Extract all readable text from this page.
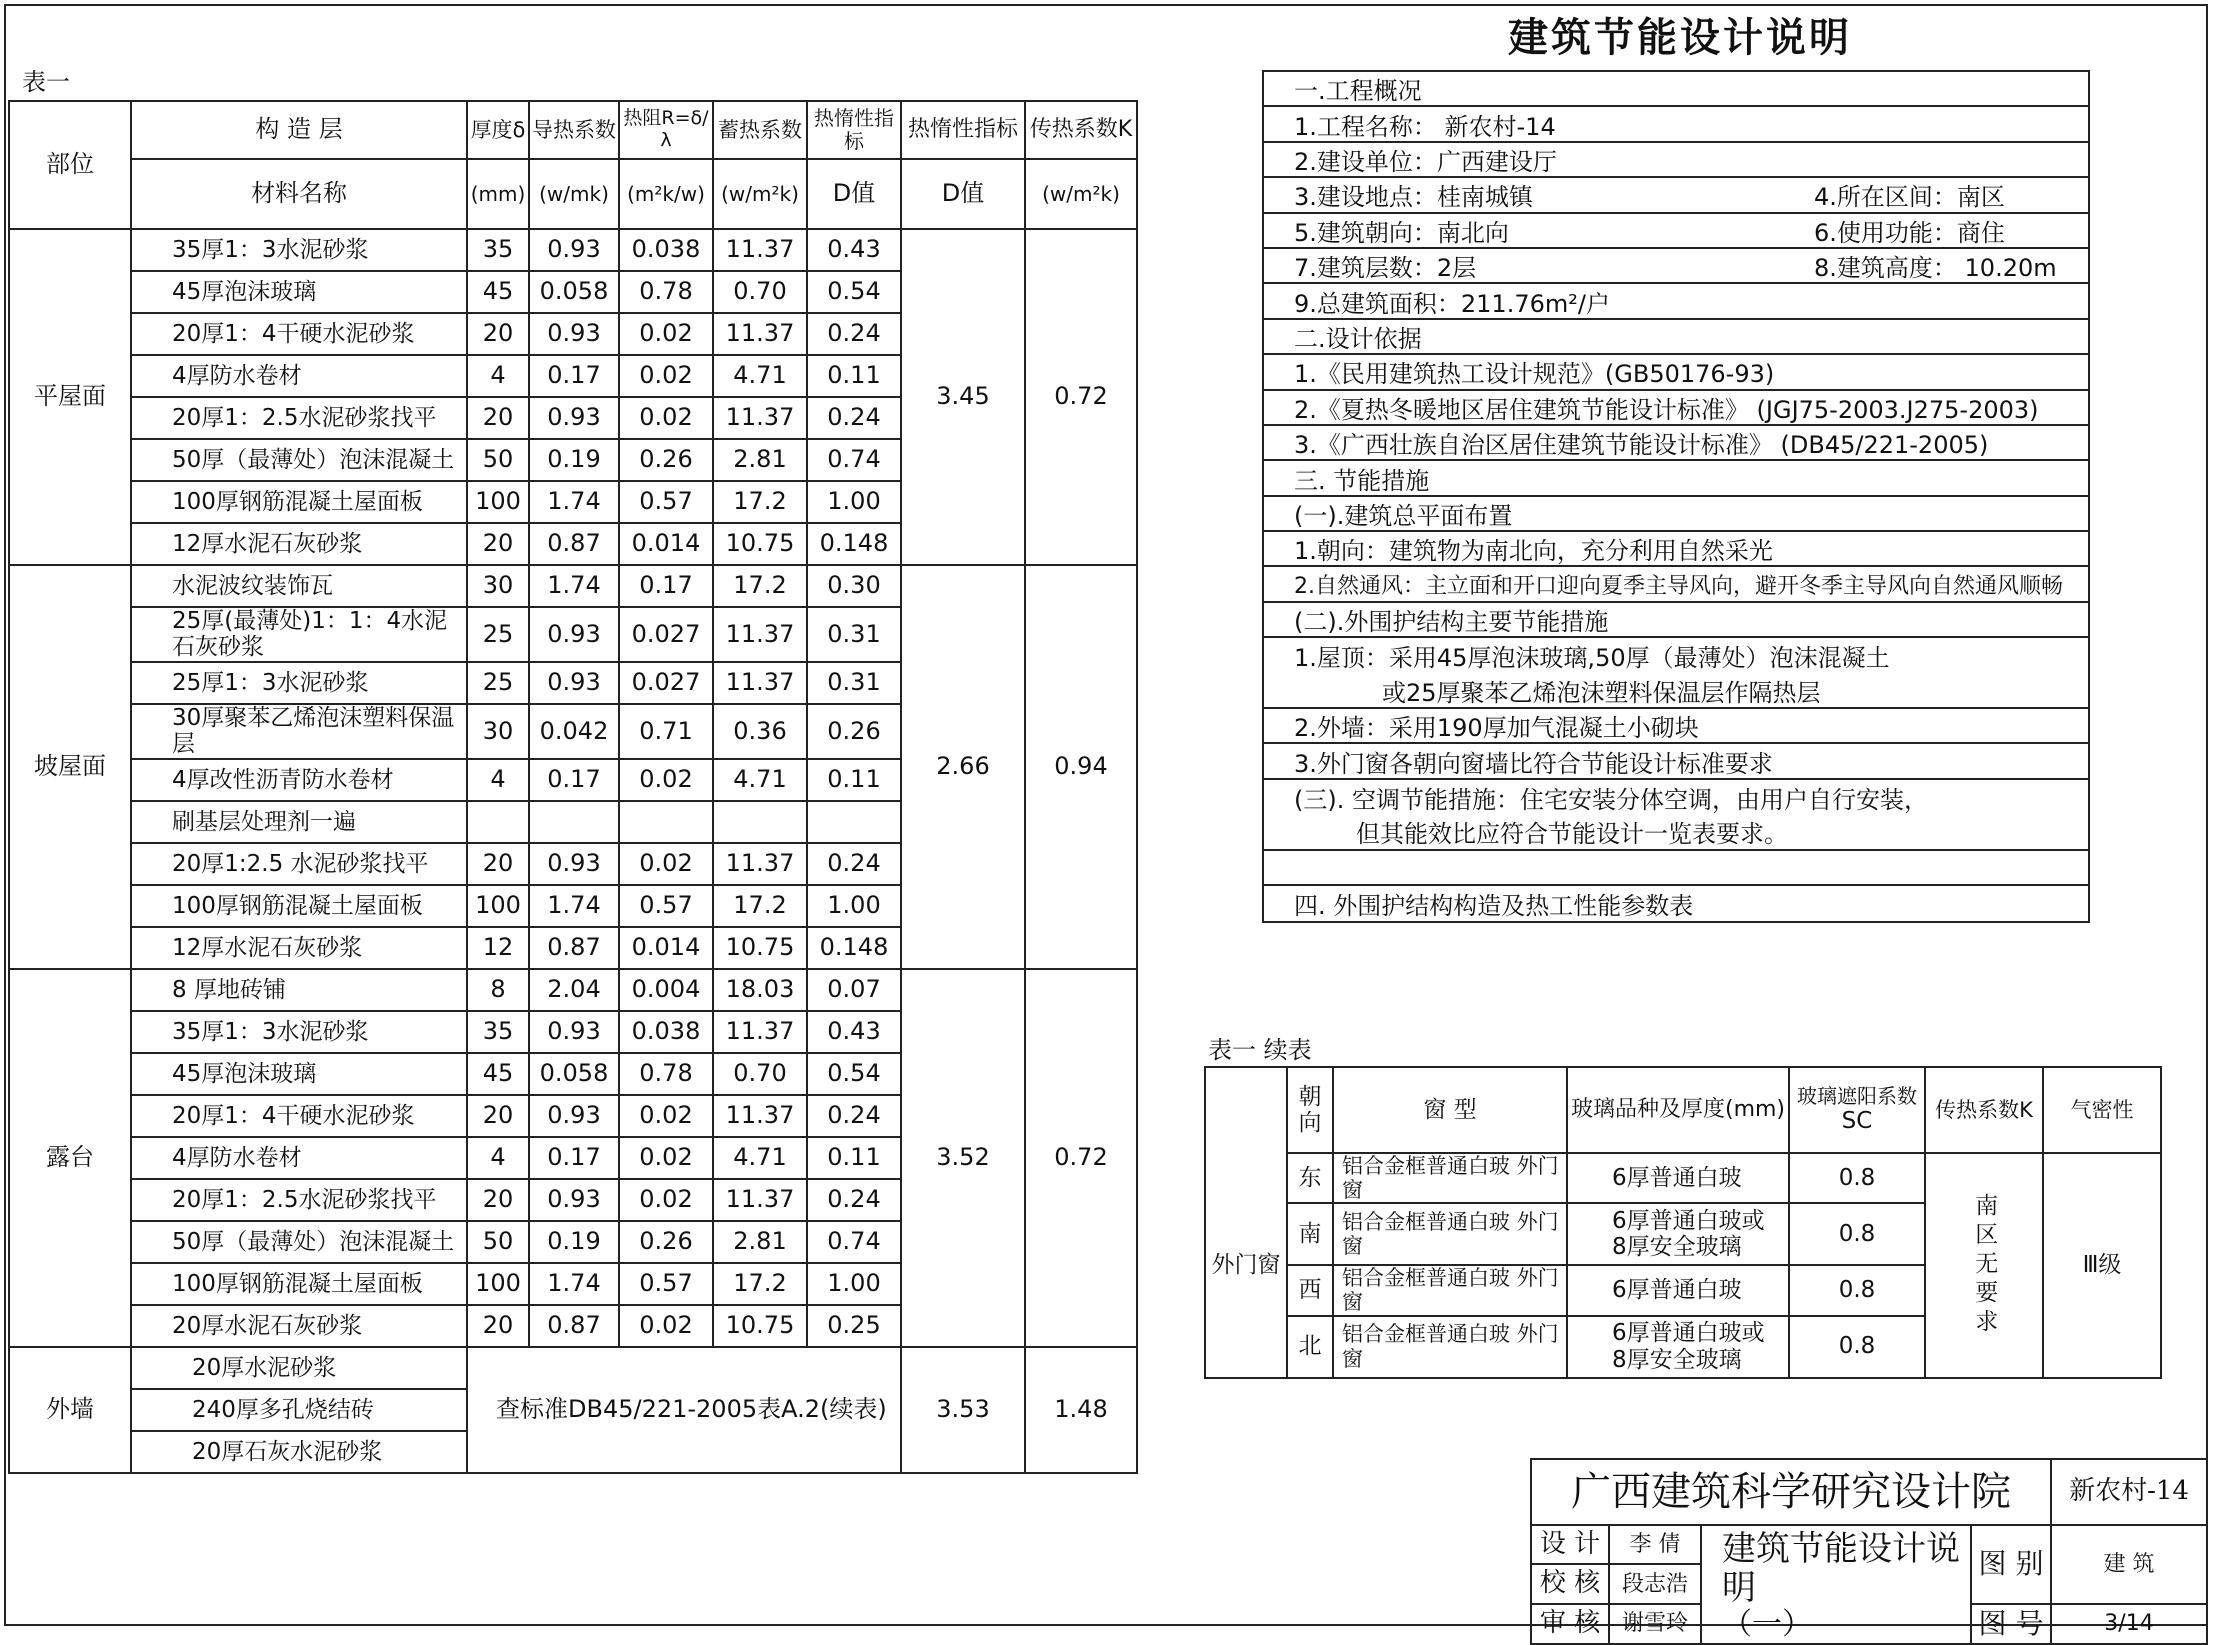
建筑节能设计说明
表一
部位	构 造 层	厚度δ	导热系数	热阻R=δ/λ	蓄热系数	热惰性指标	热惰性指标	传热系数K
	材料名称	(mm)	(w/mk)	(m²k/w)	(w/m²k)	D值	D值	(w/m²k)
平屋面	35厚1：3水泥砂浆	35	0.93	0.038	11.37	0.43	3.45	0.72
	45厚泡沫玻璃	45	0.058	0.78	0.70	0.54		
	20厚1：4干硬水泥砂浆	20	0.93	0.02	11.37	0.24		
	4厚防水卷材	4	0.17	0.02	4.71	0.11		
	20厚1：2.5水泥砂浆找平	20	0.93	0.02	11.37	0.24		
	50厚（最薄处）泡沫混凝土	50	0.19	0.26	2.81	0.74		
	100厚钢筋混凝土屋面板	100	1.74	0.57	17.2	1.00		
	12厚水泥石灰砂浆	20	0.87	0.014	10.75	0.148		
坡屋面	水泥波纹装饰瓦	30	1.74	0.17	17.2	0.30	2.66	0.94
	25厚(最薄处)1：1：4水泥石灰砂浆	25	0.93	0.027	11.37	0.31		
	25厚1：3水泥砂浆	25	0.93	0.027	11.37	0.31		
	30厚聚苯乙烯泡沫塑料保温层	30	0.042	0.71	0.36	0.26		
	4厚改性沥青防水卷材	4	0.17	0.02	4.71	0.11		
	刷基层处理剂一遍							
	20厚1:2.5 水泥砂浆找平	20	0.93	0.02	11.37	0.24		
	100厚钢筋混凝土屋面板	100	1.74	0.57	17.2	1.00		
	12厚水泥石灰砂浆	12	0.87	0.014	10.75	0.148		
露台	8 厚地砖铺	8	2.04	0.004	18.03	0.07	3.52	0.72
	35厚1：3水泥砂浆	35	0.93	0.038	11.37	0.43		
	45厚泡沫玻璃	45	0.058	0.78	0.70	0.54		
	20厚1：4干硬水泥砂浆	20	0.93	0.02	11.37	0.24		
	4厚防水卷材	4	0.17	0.02	4.71	0.11		
	20厚1：2.5水泥砂浆找平	20	0.93	0.02	11.37	0.24		
	50厚（最薄处）泡沫混凝土	50	0.19	0.26	2.81	0.74		
	100厚钢筋混凝土屋面板	100	1.74	0.57	17.2	1.00		
	20厚水泥石灰砂浆	20	0.87	0.02	10.75	0.25		
外墙	20厚水泥砂浆	查标准DB45/221-2005表A.2(续表)					3.53	1.48
	240厚多孔烧结砖							
	20厚石灰水泥砂浆							
一.工程概况
1.工程名称： 新农村-14
2.建设单位：广西建设厅
3.建设地点：桂南城镇	4.所在区间：南区
5.建筑朝向：南北向	6.使用功能：商住
7.建筑层数：2层	8.建筑高度： 10.20m
9.总建筑面积：211.76m²/户
二.设计依据
1.《民用建筑热工设计规范》(GB50176-93)
2.《夏热冬暖地区居住建筑节能设计标准》 (JGJ75-2003.J275-2003)
3.《广西壮族自治区居住建筑节能设计标准》 (DB45/221-2005)
三. 节能措施
(一).建筑总平面布置
1.朝向：建筑物为南北向，充分利用自然采光
2.自然通风：主立面和开口迎向夏季主导风向，避开冬季主导风向自然通风顺畅
(二).外围护结构主要节能措施
1.屋顶：采用45厚泡沫玻璃,50厚（最薄处）泡沫混凝土
或25厚聚苯乙烯泡沫塑料保温层作隔热层
2.外墙：采用190厚加气混凝土小砌块
3.外门窗各朝向窗墙比符合节能设计标准要求
(三). 空调节能措施：住宅安装分体空调，由用户自行安装，
但其能效比应符合节能设计一览表要求。
四. 外围护结构构造及热工性能参数表
表一 续表
	朝向	窗 型	玻璃品种及厚度(mm)	玻璃遮阳系数
SC	传热系数K	气密性
外门窗	东	铝合金框普通白玻 外门窗	6厚普通白玻	0.8	南区无要求	Ⅲ级
	南	铝合金框普通白玻 外门窗	6厚普通白玻或
8厚安全玻璃	0.8		
	西	铝合金框普通白玻 外门窗	6厚普通白玻	0.8		
	北	铝合金框普通白玻 外门窗	6厚普通白玻或
8厚安全玻璃	0.8		
广西建筑科学研究设计院				新农村-14
设 计	李 倩	建筑节能设计说明
（一）	图 别	建 筑
校 核	段志浩			
审 核	谢雪玲		图 号	3/14
